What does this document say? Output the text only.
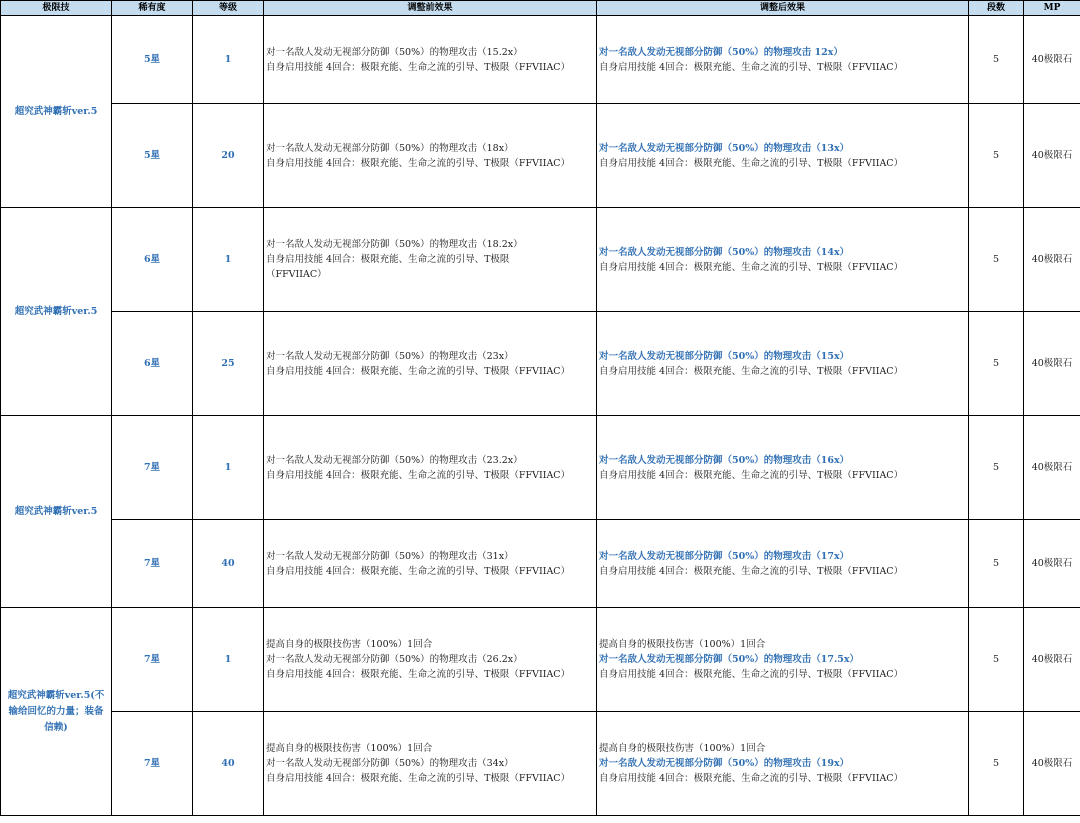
极限技	稀有度	等级	调整前效果	调整后效果	段数	MP
超究武神霸斩ver.5	5星	1	对一名敌人发动无视部分防御（50%）的物理攻击（15.2x）
自身启用技能 4回合：极限充能、生命之流的引导、T极限（FFVIIAC）	对一名敌人发动无视部分防御（50%）的物理攻击 12x）
自身启用技能 4回合：极限充能、生命之流的引导、T极限（FFVIIAC）	5	40极限石
	5星	20	对一名敌人发动无视部分防御（50%）的物理攻击（18x）
自身启用技能 4回合：极限充能、生命之流的引导、T极限（FFVIIAC）	对一名敌人发动无视部分防御（50%）的物理攻击（13x）
自身启用技能 4回合：极限充能、生命之流的引导、T极限（FFVIIAC）	5	40极限石
超究武神霸斩ver.5	6星	1	对一名敌人发动无视部分防御（50%）的物理攻击（18.2x）
自身启用技能 4回合：极限充能、生命之流的引导、T极限
（FFVIIAC）	对一名敌人发动无视部分防御（50%）的物理攻击（14x）
自身启用技能 4回合：极限充能、生命之流的引导、T极限（FFVIIAC）	5	40极限石
	6星	25	对一名敌人发动无视部分防御（50%）的物理攻击（23x）
自身启用技能 4回合：极限充能、生命之流的引导、T极限（FFVIIAC）	对一名敌人发动无视部分防御（50%）的物理攻击（15x）
自身启用技能 4回合：极限充能、生命之流的引导、T极限（FFVIIAC）	5	40极限石
超究武神霸斩ver.5	7星	1	对一名敌人发动无视部分防御（50%）的物理攻击（23.2x）
自身启用技能 4回合：极限充能、生命之流的引导、T极限（FFVIIAC）	对一名敌人发动无视部分防御（50%）的物理攻击（16x）
自身启用技能 4回合：极限充能、生命之流的引导、T极限（FFVIIAC）	5	40极限石
	7星	40	对一名敌人发动无视部分防御（50%）的物理攻击（31x）
自身启用技能 4回合：极限充能、生命之流的引导、T极限（FFVIIAC）	对一名敌人发动无视部分防御（50%）的物理攻击（17x）
自身启用技能 4回合：极限充能、生命之流的引导、T极限（FFVIIAC）	5	40极限石
超究武神霸斩ver.5(不输给回忆的力量；装备信赖)	7星	1	提高自身的极限技伤害（100%）1回合
对一名敌人发动无视部分防御（50%）的物理攻击（26.2x）
自身启用技能 4回合：极限充能、生命之流的引导、T极限（FFVIIAC）	提高自身的极限技伤害（100%）1回合
对一名敌人发动无视部分防御（50%）的物理攻击（17.5x）
自身启用技能 4回合：极限充能、生命之流的引导、T极限（FFVIIAC）	5	40极限石
	7星	40	提高自身的极限技伤害（100%）1回合
对一名敌人发动无视部分防御（50%）的物理攻击（34x）
自身启用技能 4回合：极限充能、生命之流的引导、T极限（FFVIIAC）	提高自身的极限技伤害（100%）1回合
对一名敌人发动无视部分防御（50%）的物理攻击（19x）
自身启用技能 4回合：极限充能、生命之流的引导、T极限（FFVIIAC）	5	40极限石
